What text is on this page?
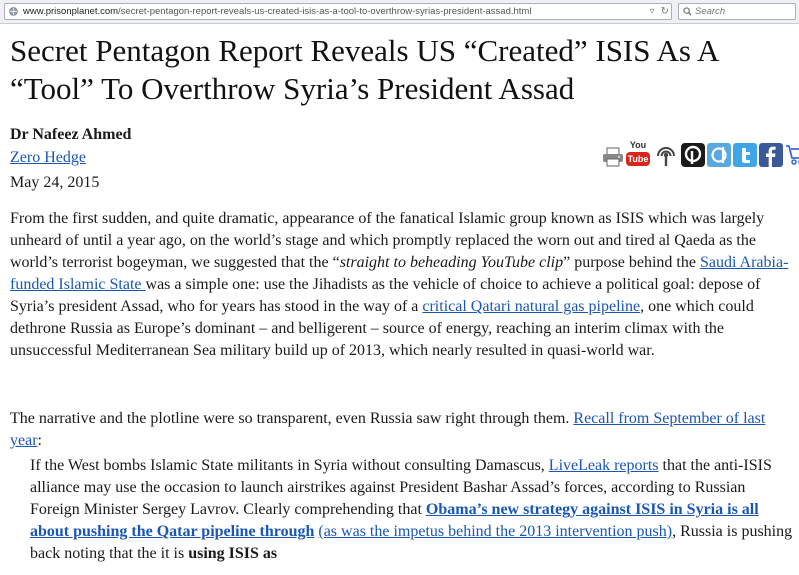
www.prisonplanet.com/secret-pentagon-report-reveals-us-created-isis-as-a-tool-to-overthrow-syrias-president-assad.html	▿ ↻
Search
Secret Pentagon Report Reveals US “Created” ISIS As A “Tool” To Overthrow Syria’s President Assad
Dr Nafeez Ahmed
Zero Hedge
May 24, 2015
You
Tube

From the first sudden, and quite dramatic, appearance of the fanatical Islamic group known as ISIS which was largely unheard of until a year ago, on the world’s stage and which promptly replaced the worn out and tired al Qaeda as the world’s terrorist bogeyman, we suggested that the “straight to beheading YouTube clip” purpose behind the Saudi Arabia-funded Islamic State was a simple one: use the Jihadists as the vehicle of choice to achieve a political goal: depose of Syria’s president Assad, who for years has stood in the way of a critical Qatari natural gas pipeline, one which could dethrone Russia as Europe’s dominant – and belligerent – source of energy, reaching an interim climax with the unsuccessful Mediterranean Sea military build up of 2013, which nearly resulted in quasi-world war.

The narrative and the plotline were so transparent, even Russia saw right through them. Recall from September of last year:

If the West bombs Islamic State militants in Syria without consulting Damascus, LiveLeak reports that the anti-ISIS alliance may use the occasion to launch airstrikes against President Bashar Assad’s forces, according to Russian Foreign Minister Sergey Lavrov. Clearly comprehending that Obama’s new strategy against ISIS in Syria is all about pushing the Qatar pipeline through (as was the impetus behind the 2013 intervention push), Russia is pushing back noting that the it is using ISIS as
